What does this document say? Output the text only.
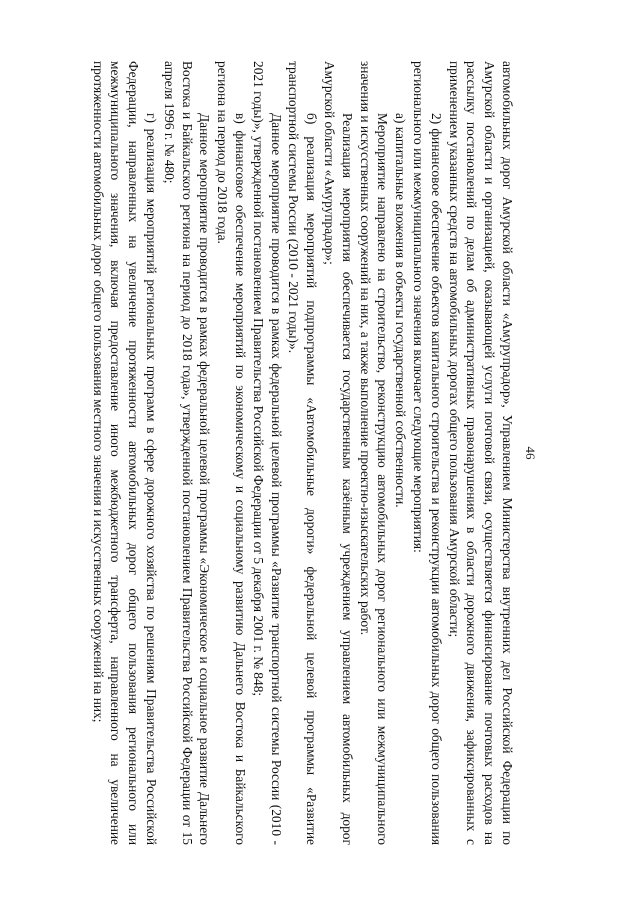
46

автомобильных дорог Амурской области «Амурупрадор», Управлением Министерства внутренних дел Российской Федерации по Амурской области и организацией, оказывающей услуги почтовой связи, осуществляется финансирование почтовых расходов на рассылку постановлений по делам об административных правонарушениях в области дорожного движения, зафиксированных с применением указанных средств на автомобильных дорогах общего пользования Амурской области;

2) финансовое обеспечение объектов капитального строительства и реконструкции автомобильных дорог общего пользования регионального или межмуниципального значения включает следующие мероприятия:

а) капитальные вложения в объекты государственной собственности.

Мероприятие направлено на строительство, реконструкцию автомобильных дорог регионального или межмуниципального значения и искусственных сооружений на них, а также выполнение проектно-изыскательских работ.

Реализация мероприятия обеспечивается государственным казённым учреждением управлением автомобильных дорог Амурской области «Амурупрадор»;

б) реализация мероприятий подпрограммы «Автомобильные дороги» федеральной целевой программы «Развитие транспортной системы России (2010 - 2021 годы)».

Данное мероприятие проводится в рамках федеральной целевой программы «Развитие транспортной системы России (2010 - 2021 годы)», утвержденной постановлением Правительства Российской Федерации от 5 декабря 2001 г. № 848;

в) финансовое обеспечение мероприятий по экономическому и социальному развитию Дальнего Востока и Байкальского региона на период до 2018 года.

Данное мероприятие проводится в рамках федеральной целевой программы «Экономическое и социальное развитие Дальнего Востока и Байкальского региона на период до 2018 года», утвержденной постановлением Правительства Российской Федерации от 15 апреля 1996 г. № 480;

г) реализация мероприятий региональных программ в сфере дорожного хозяйства по решениям Правительства Российской Федерации, направленных на увеличение протяженности автомобильных дорог общего пользования регионального или межмуниципального значения, включая предоставление иного межбюджетного трансферта, направленного на увеличение протяженности автомобильных дорог общего пользования местного значения и искусственных сооружений на них;
